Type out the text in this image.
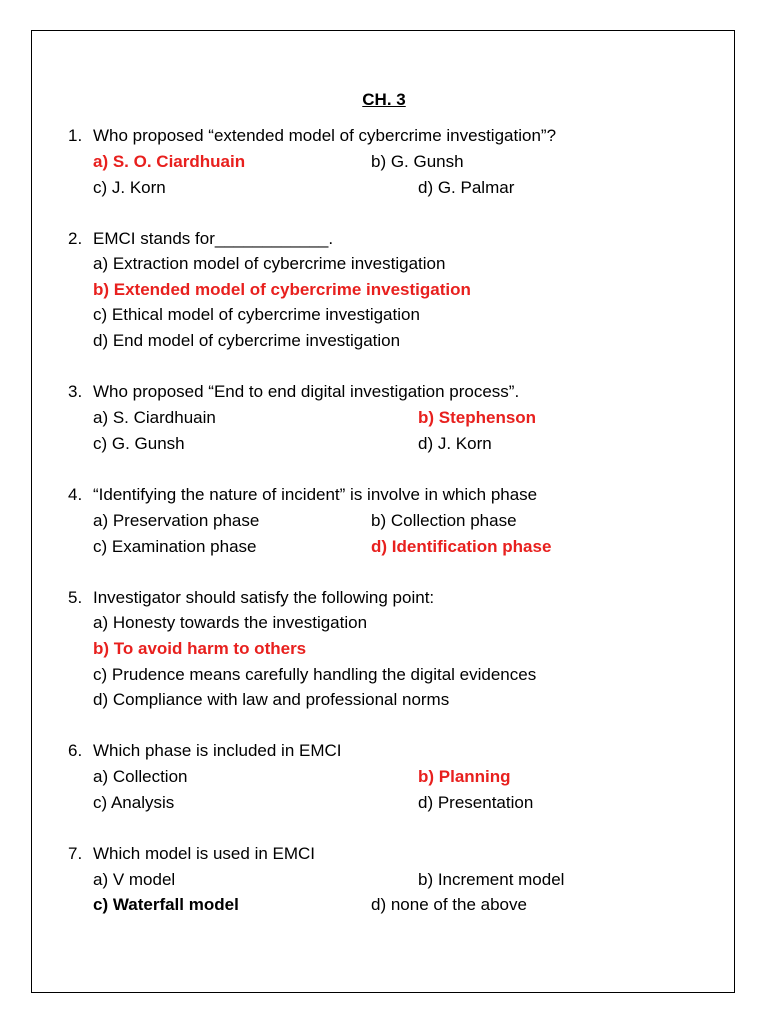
CH. 3
1. Who proposed “extended model of cybercrime investigation”?
a) S. O. Ciardhuain	b) G. Gunsh
c) J. Korn	d) G. Palmar
2. EMCI stands for____________.
a) Extraction model of cybercrime investigation
b) Extended model of cybercrime investigation
c) Ethical model of cybercrime investigation
d) End model of cybercrime investigation
3. Who proposed “End to end digital investigation process”.
a) S. Ciardhuain	b) Stephenson
c) G. Gunsh	d) J. Korn
4. “Identifying the nature of incident” is involve in which phase
a) Preservation phase	b) Collection phase
c) Examination phase	d) Identification phase
5. Investigator should satisfy the following point:
a) Honesty towards the investigation
b) To avoid harm to others
c) Prudence means carefully handling the digital evidences
d) Compliance with law and professional norms
6. Which phase is included in EMCI
a) Collection	b) Planning
c) Analysis	d) Presentation
7. Which model is used in EMCI
a) V model	b) Increment model
c) Waterfall model	d) none of the above
